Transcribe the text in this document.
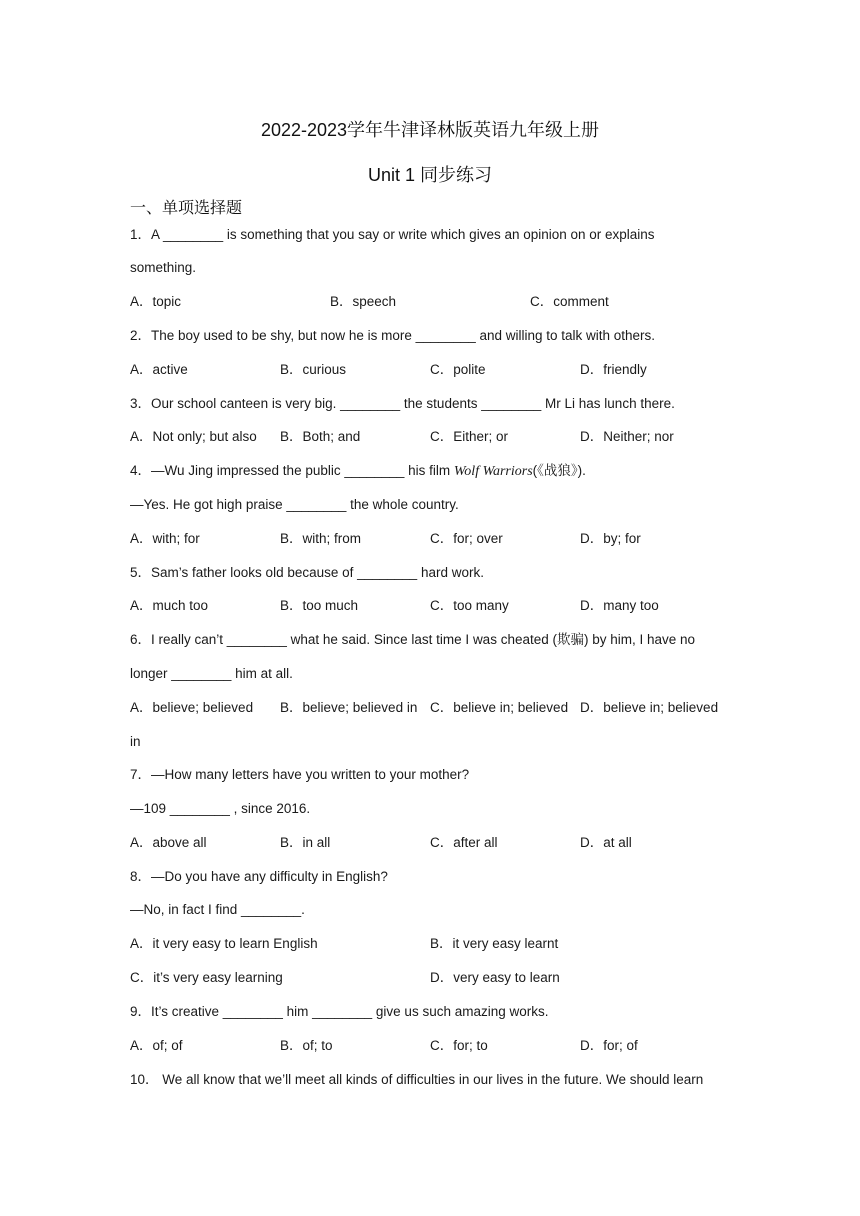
2022-2023学年牛津译林版英语九年级上册
Unit 1 同步练习
一、单项选择题
1．A ________ is something that you say or write which gives an opinion on or explains
something.
A．topic	B．speech	C．comment
2．The boy used to be shy, but now he is more ________ and willing to talk with others.
A．active	B．curious	C．polite	D．friendly
3．Our school canteen is very big. ________ the students ________ Mr Li has lunch there.
A．Not only; but also B．Both; and	C．Either; or	D．Neither; nor
4．—Wu Jing impressed the public ________ his film Wolf Warriors(《战狼》).
—Yes. He got high praise ________ the whole country.
A．with; for	B．with; from	C．for; over	D．by; for
5．Sam’s father looks old because of ________ hard work.
A．much too	B．too much	C．too many	D．many too
6．I really can’t ________ what he said. Since last time I was cheated (欺骗) by him, I have no
longer ________ him at all.
A．believe; believed B．believe; believed in C．believe in; believed D．believe in; believed
in
7．—How many letters have you written to your mother?
—109 ________ , since 2016.
A．above all	B．in all	C．after all	D．at all
8．—Do you have any difficulty in English?
—No, in fact I find ________.
A．it very easy to learn English	B．it very easy learnt
C．it’s very easy learning	D．very easy to learn
9．It’s creative ________ him ________ give us such amazing works.
A．of; of	B．of; to	C．for; to	D．for; of
10． We all know that we’ll meet all kinds of difficulties in our lives in the future. We should learn
